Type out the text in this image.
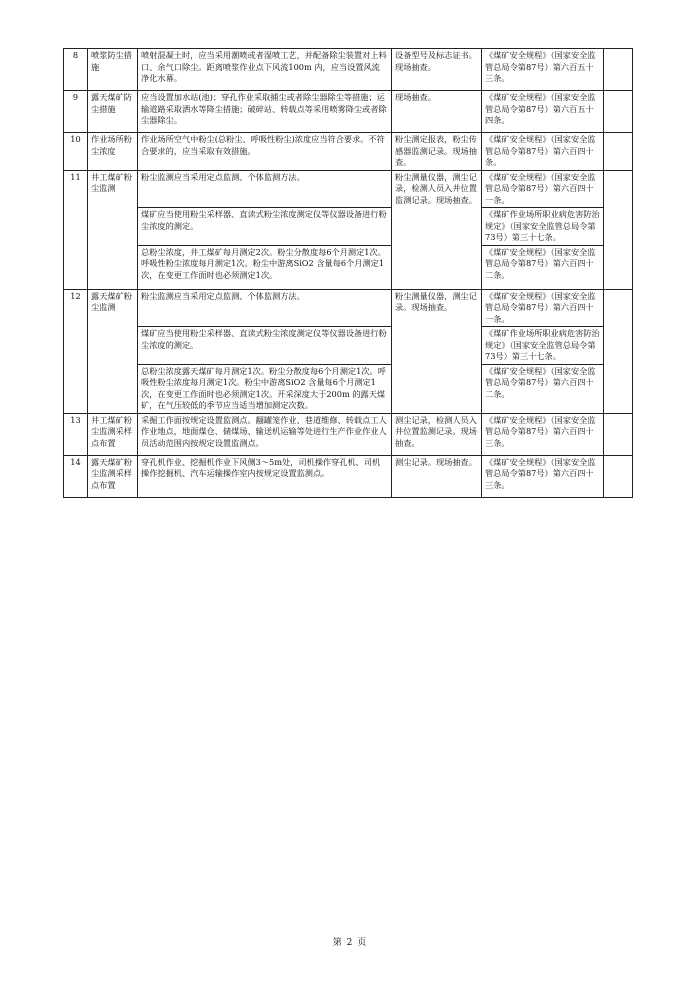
8	喷浆防尘措施	喷射混凝土时，应当采用潮喷或者湿喷工艺，并配备除尘装置对上料口、余气口除尘。距离喷浆作业点下风流100m 内，应当设置风流净化水幕。	设备型号及标志证书。现场抽查。	《煤矿安全规程》（国家安全监管总局令第87号）第六百五十三条。	
9	露天煤矿防尘措施	应当设置加水站(池)；穿孔作业采取捕尘或者除尘器除尘等措施；运输道路采取洒水等降尘措施；破碎站、转载点等采用喷雾降尘或者除尘器除尘。	现场抽查。	《煤矿安全规程》（国家安全监管总局令第87号）第六百五十四条。	
10	作业场所粉尘浓度	作业场所空气中粉尘(总粉尘、呼吸性粉尘)浓度应当符合要求。不符合要求的，应当采取有效措施。	粉尘测定报表，粉尘传感器监测记录。现场抽查。	《煤矿安全规程》（国家安全监管总局令第87号）第六百四十条。	
11	井工煤矿粉尘监测	粉尘监测应当采用定点监测、个体监测方法。	粉尘测量仪器，测尘记录，检测人员入井位置监测记录。现场抽查。	《煤矿安全规程》（国家安全监管总局令第87号）第六百四十一条。	
		煤矿应当使用粉尘采样器、直读式粉尘浓度测定仪等仪器设备进行粉尘浓度的测定。		《煤矿作业场所职业病危害防治规定》（国家安全监管总局令第73号）第三十七条。	
		总粉尘浓度，井工煤矿每月测定2次。粉尘分散度每6个月测定1次。呼吸性粉尘浓度每月测定1次。粉尘中游离SiO2 含量每6个月测定1次，在变更工作面时也必须测定1次。		《煤矿安全规程》（国家安全监管总局令第87号）第六百四十二条。	
12	露天煤矿粉尘监测	粉尘监测应当采用定点监测、个体监测方法。	粉尘测量仪器，测尘记录。现场抽查。	《煤矿安全规程》（国家安全监管总局令第87号）第六百四十一条。	
		煤矿应当使用粉尘采样器、直读式粉尘浓度测定仪等仪器设备进行粉尘浓度的测定。		《煤矿作业场所职业病危害防治规定》（国家安全监管总局令第73号）第三十七条。	
		总粉尘浓度露天煤矿每月测定1次。粉尘分散度每6个月测定1次。呼吸性粉尘浓度每月测定1次。粉尘中游离SiO2 含量每6个月测定1次，在变更工作面时也必须测定1次。开采深度大于200m 的露天煤矿，在气压较低的季节应当适当增加测定次数。		《煤矿安全规程》（国家安全监管总局令第87号）第六百四十二条。	
13	井工煤矿粉尘监测采样点布置	采掘工作面按规定设置监测点。翻罐笼作业、巷道维修、转载点工人作业地点，地面煤仓、储煤场、输送机运输等处进行生产作业作业人员活动范围内按规定设置监测点。	测尘记录，检测人员入井位置监测记录。现场抽查。	《煤矿安全规程》（国家安全监管总局令第87号）第六百四十三条。	
14	露天煤矿粉尘监测采样点布置	穿孔机作业、挖掘机作业下风侧3～5m处，司机操作穿孔机、司机操作挖掘机、汽车运输操作室内按规定设置监测点。	测尘记录。现场抽查。	《煤矿安全规程》（国家安全监管总局令第87号）第六百四十三条。	
第 2 页
